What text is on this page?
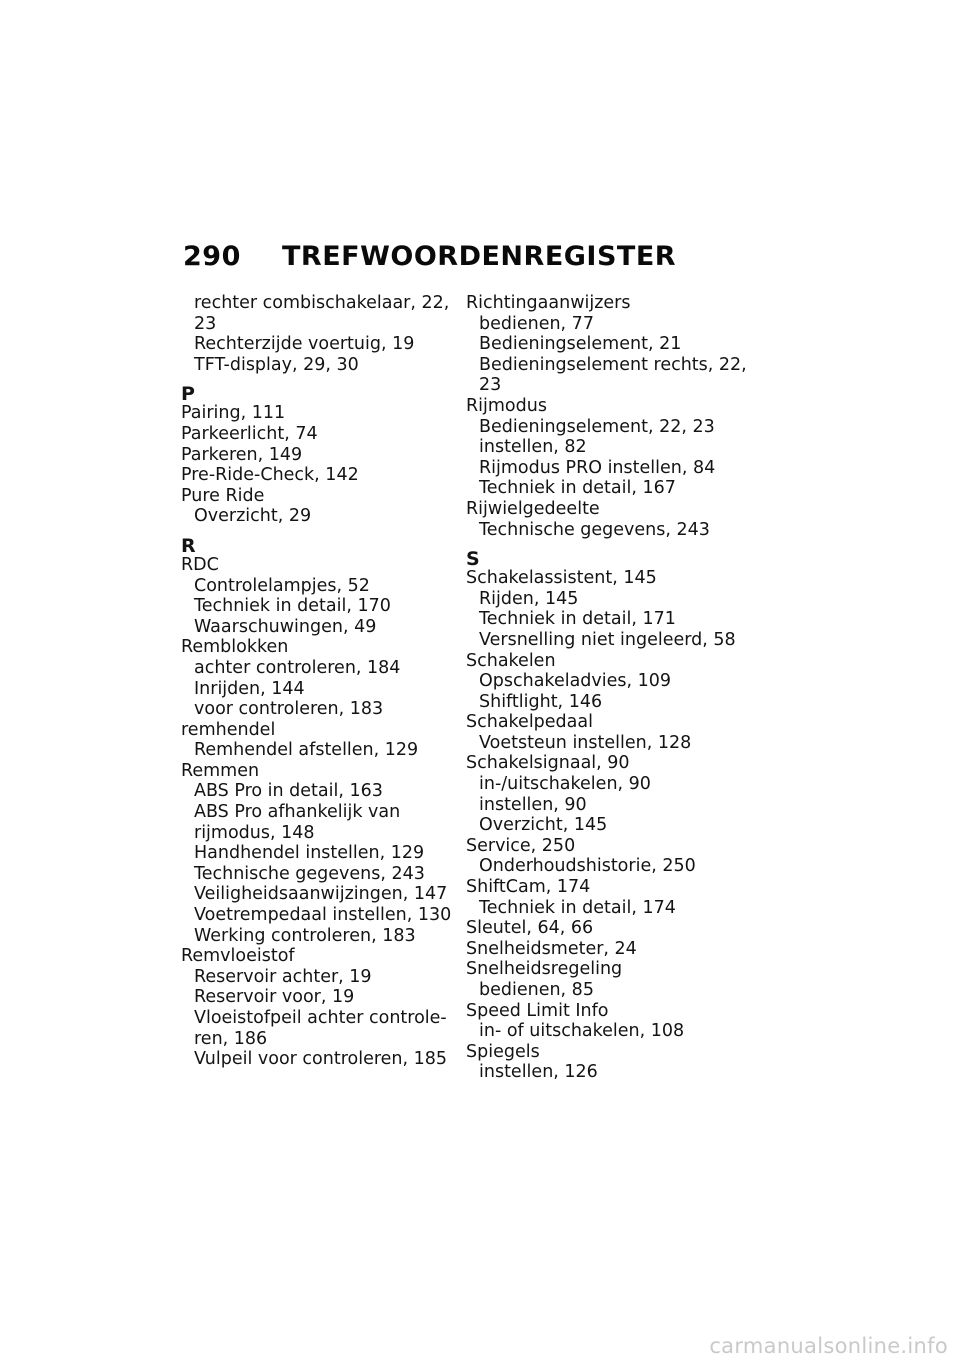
290	TREFWOORDENREGISTER
rechter combischakelaar, 22,
23
Rechterzijde voertuig, 19
TFT-display, 29, 30
P
Pairing, 111
Parkeerlicht, 74
Parkeren, 149
Pre-Ride-Check, 142
Pure Ride
Overzicht, 29
R
RDC
Controlelampjes, 52
Techniek in detail, 170
Waarschuwingen, 49
Remblokken
achter controleren, 184
Inrijden, 144
voor controleren, 183
remhendel
Remhendel afstellen, 129
Remmen
ABS Pro in detail, 163
ABS Pro afhankelijk van
rijmodus, 148
Handhendel instellen, 129
Technische gegevens, 243
Veiligheidsaanwijzingen, 147
Voetrempedaal instellen, 130
Werking controleren, 183
Remvloeistof
Reservoir achter, 19
Reservoir voor, 19
Vloeistofpeil achter controle-
ren, 186
Vulpeil voor controleren, 185
Richtingaanwijzers
bedienen, 77
Bedieningselement, 21
Bedieningselement rechts, 22,
23
Rijmodus
Bedieningselement, 22, 23
instellen, 82
Rijmodus PRO instellen, 84
Techniek in detail, 167
Rijwielgedeelte
Technische gegevens, 243
S
Schakelassistent, 145
Rijden, 145
Techniek in detail, 171
Versnelling niet ingeleerd, 58
Schakelen
Opschakeladvies, 109
Shiftlight, 146
Schakelpedaal
Voetsteun instellen, 128
Schakelsignaal, 90
in-/uitschakelen, 90
instellen, 90
Overzicht, 145
Service, 250
Onderhoudshistorie, 250
ShiftCam, 174
Techniek in detail, 174
Sleutel, 64, 66
Snelheidsmeter, 24
Snelheidsregeling
bedienen, 85
Speed Limit Info
in- of uitschakelen, 108
Spiegels
instellen, 126
carmanualsonline.info
